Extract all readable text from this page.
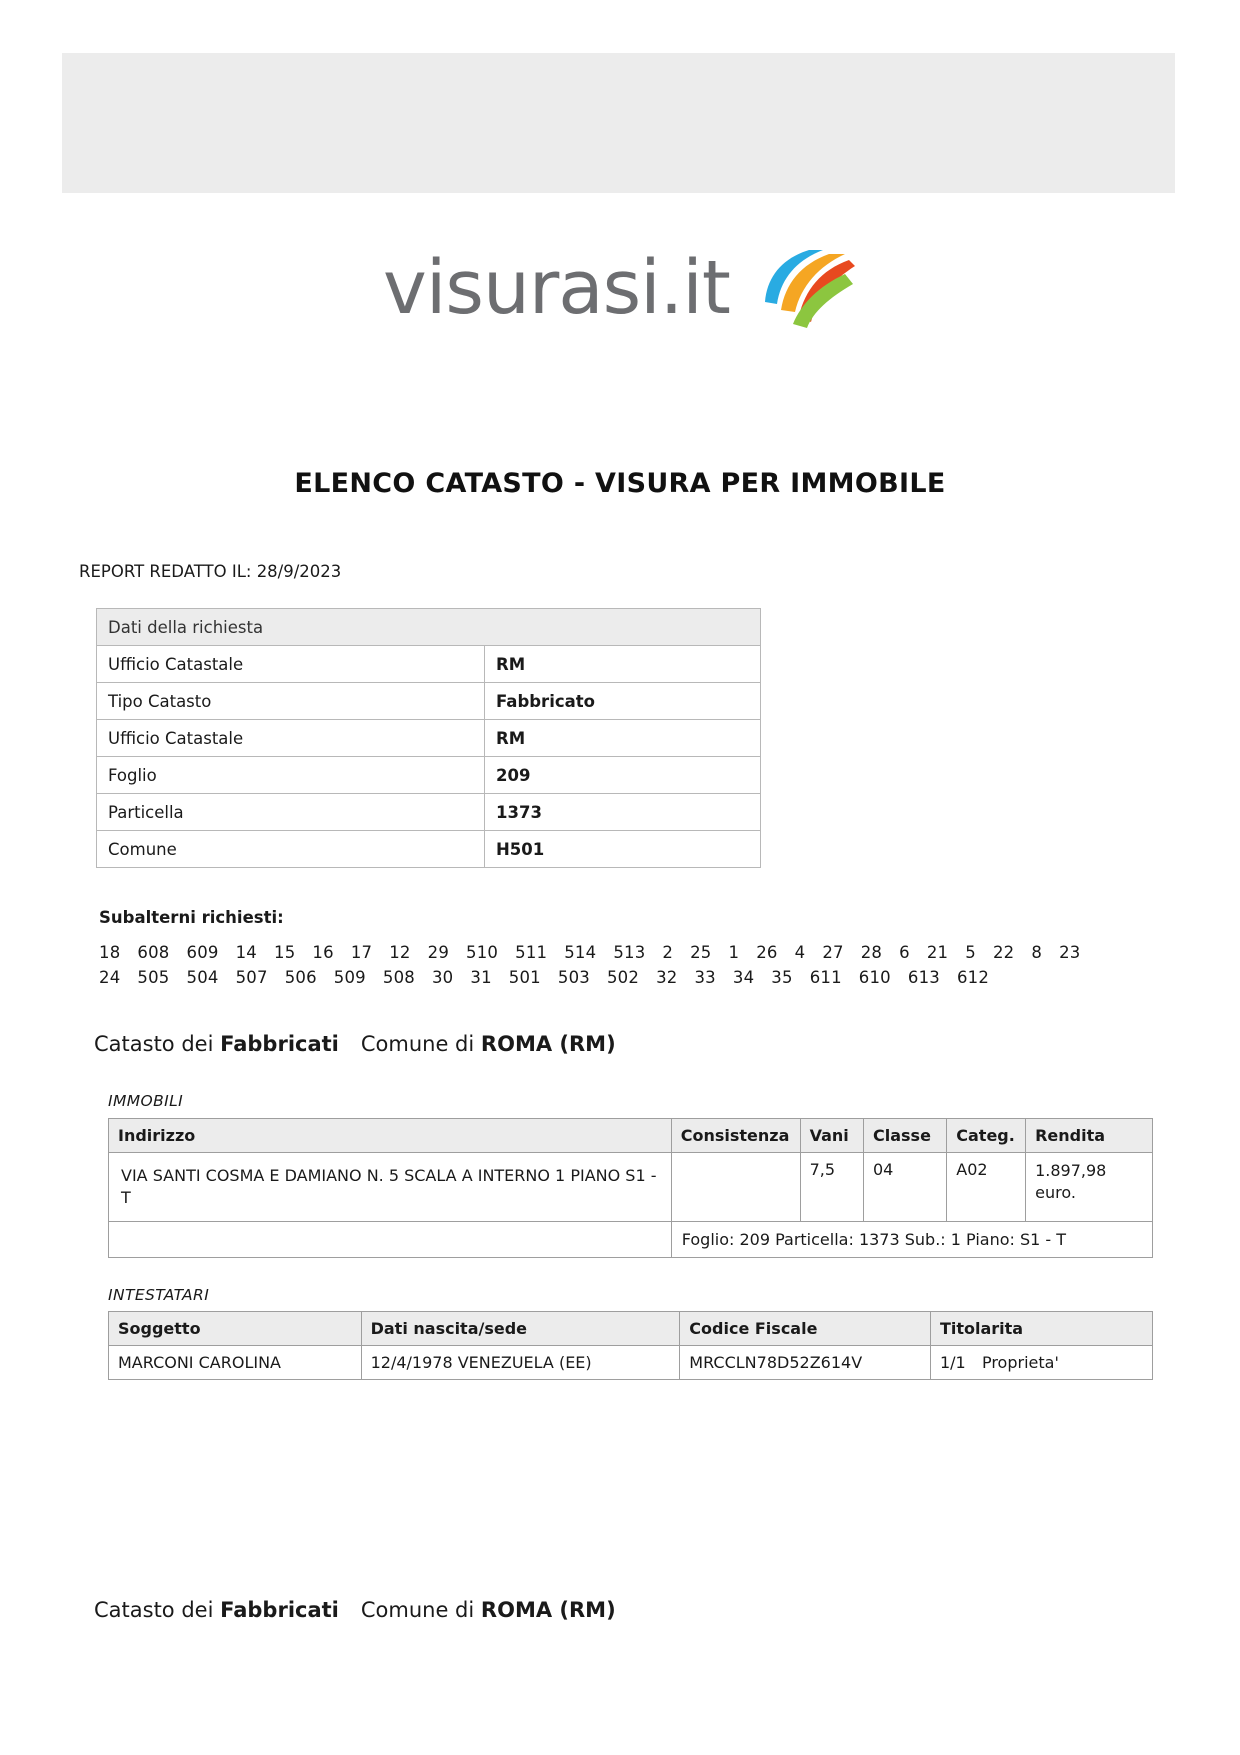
visurasi.it
ELENCO CATASTO - VISURA PER IMMOBILE
REPORT REDATTO IL: 28/9/2023
Dati della richiesta	
Ufficio Catastale	RM
Tipo Catasto	Fabbricato
Ufficio Catastale	RM
Foglio	209
Particella	1373
Comune	H501
Subalterni richiesti:
18 608 609 14 15 16 17 12 29 510 511 514 513 2 25 1 26 4 27 28 6 21 5 22 8 2324 505 504 507 506 509 508 30 31 501 503 502 32 33 34 35 611 610 613 612
Catasto dei Fabbricati Comune di ROMA (RM)
IMMOBILI
Indirizzo	Consistenza	Vani	Classe	Categ.	Rendita
VIA SANTI COSMA E DAMIANO N. 5 SCALA A INTERNO 1 PIANO S1 - T		7,5	04	A02	1.897,98 euro.
	Foglio: 209 Particella: 1373 Sub.: 1 Piano: S1 - T				
INTESTATARI
Soggetto	Dati nascita/sede	Codice Fiscale	Titolarita
MARCONI CAROLINA	12/4/1978 VENEZUELA (EE)	MRCCLN78D52Z614V	1/1 Proprieta'
Catasto dei Fabbricati Comune di ROMA (RM)
